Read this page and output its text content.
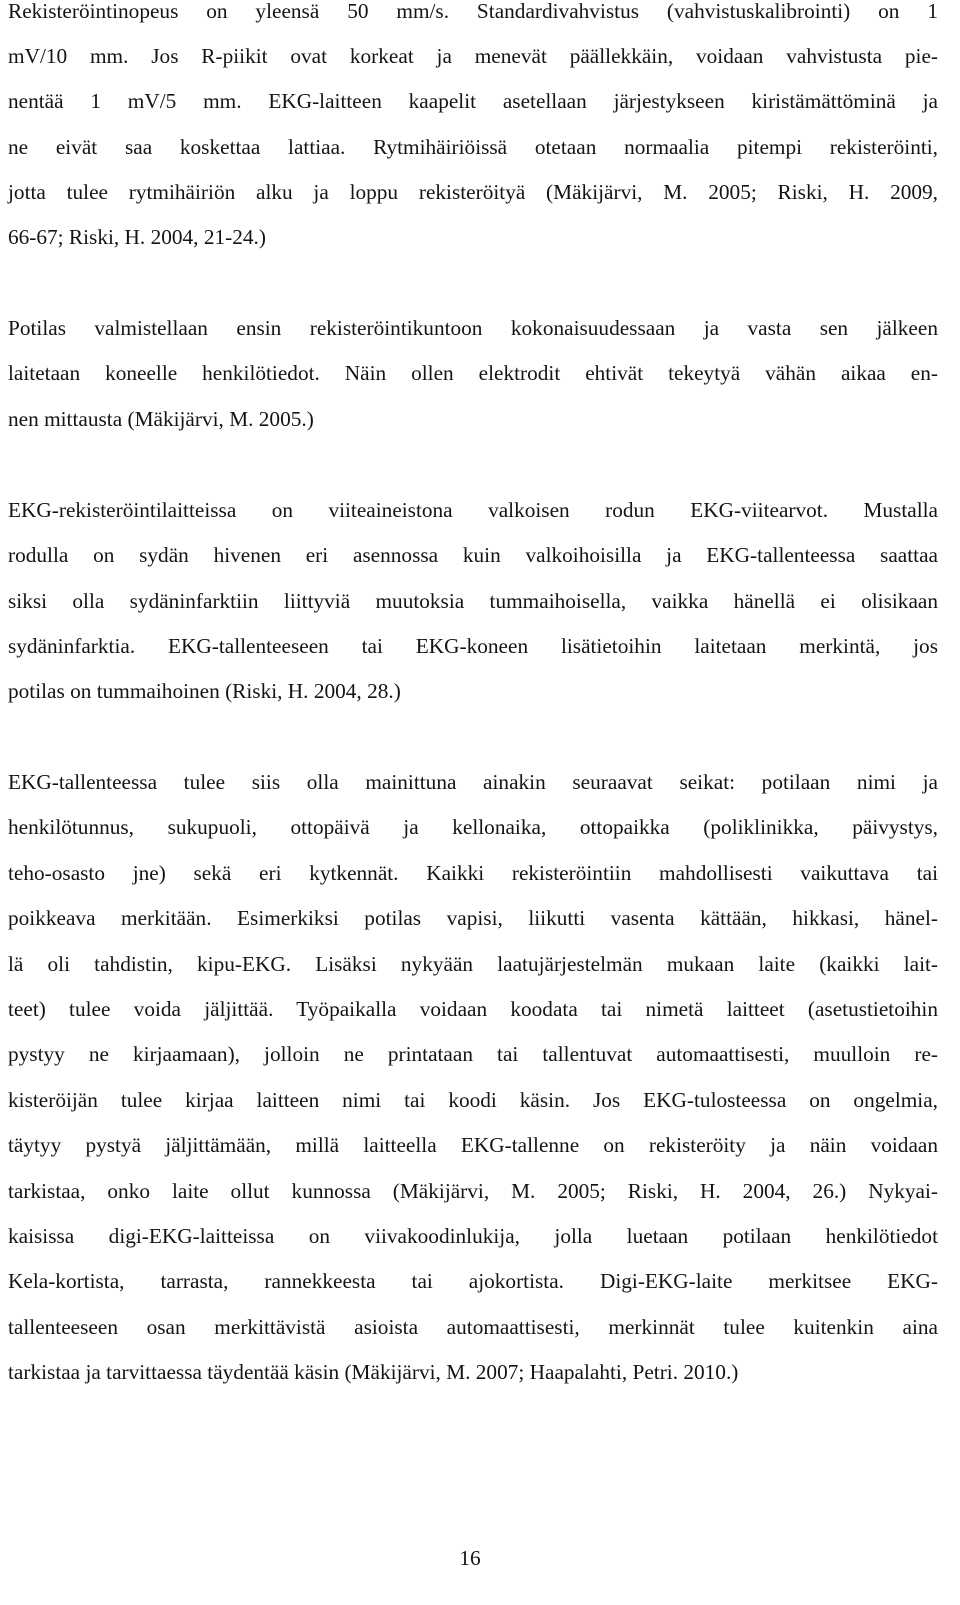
Rekisteröintinopeus on yleensä 50 mm/s. Standardivahvistus (vahvistuskalibrointi) on 1
mV/10 mm. Jos R-piikit ovat korkeat ja menevät päällekkäin, voidaan vahvistusta pie-
nentää 1 mV/5 mm. EKG-laitteen kaapelit asetellaan järjestykseen kiristämättöminä ja
ne eivät saa koskettaa lattiaa. Rytmihäiriöissä otetaan normaalia pitempi rekisteröinti,
jotta tulee rytmihäiriön alku ja loppu rekisteröityä (Mäkijärvi, M. 2005; Riski, H. 2009,
66-67; Riski, H. 2004, 21-24.)
Potilas valmistellaan ensin rekisteröintikuntoon kokonaisuudessaan ja vasta sen jälkeen
laitetaan koneelle henkilötiedot. Näin ollen elektrodit ehtivät tekeytyä vähän aikaa en-
nen mittausta (Mäkijärvi, M. 2005.)
EKG-rekisteröintilaitteissa on viiteaineistona valkoisen rodun EKG-viitearvot. Mustalla
rodulla on sydän hivenen eri asennossa kuin valkoihoisilla ja EKG-tallenteessa saattaa
siksi olla sydäninfarktiin liittyviä muutoksia tummaihoisella, vaikka hänellä ei olisikaan
sydäninfarktia. EKG-tallenteeseen tai EKG-koneen lisätietoihin laitetaan merkintä, jos
potilas on tummaihoinen (Riski, H. 2004, 28.)
EKG-tallenteessa tulee siis olla mainittuna ainakin seuraavat seikat: potilaan nimi ja
henkilötunnus, sukupuoli, ottopäivä ja kellonaika, ottopaikka (poliklinikka, päivystys,
teho-osasto jne) sekä eri kytkennät. Kaikki rekisteröintiin mahdollisesti vaikuttava tai
poikkeava merkitään. Esimerkiksi potilas vapisi, liikutti vasenta kättään, hikkasi, hänel-
lä oli tahdistin, kipu-EKG. Lisäksi nykyään laatujärjestelmän mukaan laite (kaikki lait-
teet) tulee voida jäljittää. Työpaikalla voidaan koodata tai nimetä laitteet (asetustietoihin
pystyy ne kirjaamaan), jolloin ne printataan tai tallentuvat automaattisesti, muulloin re-
kisteröijän tulee kirjaa laitteen nimi tai koodi käsin. Jos EKG-tulosteessa on ongelmia,
täytyy pystyä jäljittämään, millä laitteella EKG-tallenne on rekisteröity ja näin voidaan
tarkistaa, onko laite ollut kunnossa (Mäkijärvi, M. 2005; Riski, H. 2004, 26.) Nykyai-
kaisissa digi-EKG-laitteissa on viivakoodinlukija, jolla luetaan potilaan henkilötiedot
Kela-kortista, tarrasta, rannekkeesta tai ajokortista. Digi-EKG-laite merkitsee EKG-
tallenteeseen osan merkittävistä asioista automaattisesti, merkinnät tulee kuitenkin aina
tarkistaa ja tarvittaessa täydentää käsin (Mäkijärvi, M. 2007; Haapalahti, Petri. 2010.)
16
